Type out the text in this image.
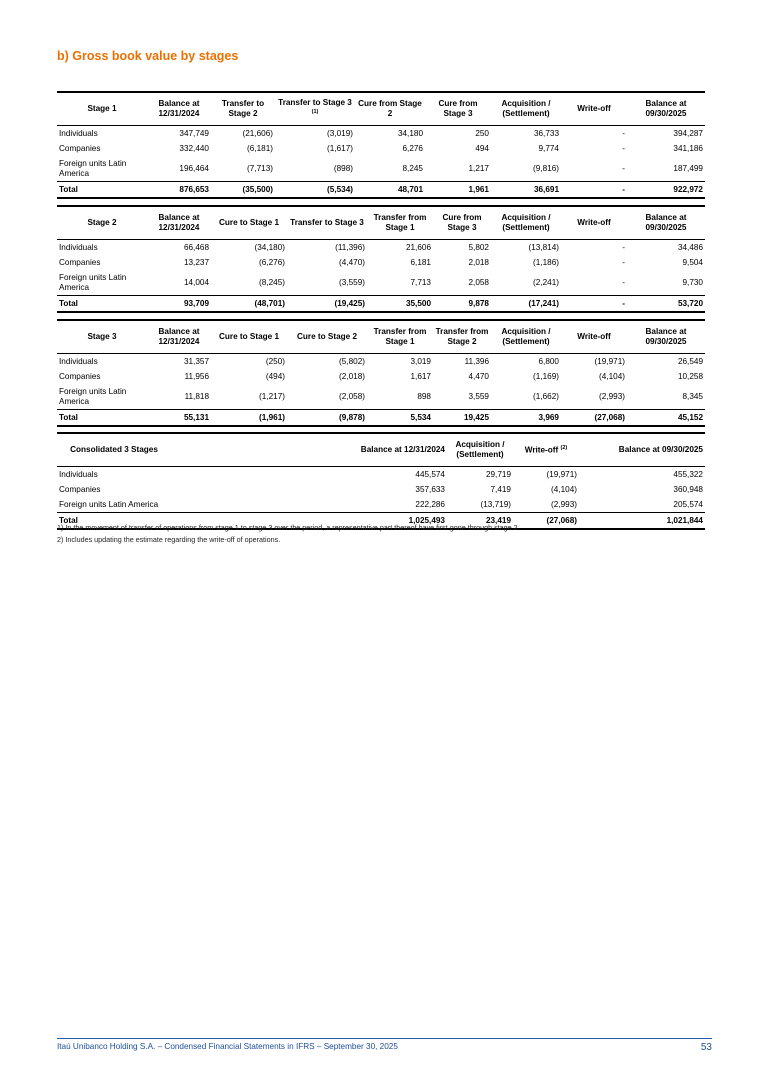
b) Gross book value by stages
Stage 1	Balance at 12/31/2024	Transfer to Stage 2	Transfer to Stage 3 $^{(1)}$	Cure from Stage 2	Cure from Stage 3	Acquisition / (Settlement)	Write-off	Balance at 09/30/2025
Individuals	347,749	(21,606)	(3,019)	34,180	250	36,733	-	394,287
Companies	332,440	(6,181)	(1,617)	6,276	494	9,774	-	341,186
Foreign units Latin America	196,464	(7,713)	(898)	8,245	1,217	(9,816)	-	187,499
Total	876,653	(35,500)	(5,534)	48,701	1,961	36,691	-	922,972
Stage 2	Balance at 12/31/2024	Cure to Stage 1	Transfer to Stage 3	Transfer from Stage 1	Cure from Stage 3	Acquisition / (Settlement)	Write-off	Balance at 09/30/2025
Individuals	66,468	(34,180)	(11,396)	21,606	5,802	(13,814)	-	34,486
Companies	13,237	(6,276)	(4,470)	6,181	2,018	(1,186)	-	9,504
Foreign units Latin America	14,004	(8,245)	(3,559)	7,713	2,058	(2,241)	-	9,730
Total	93,709	(48,701)	(19,425)	35,500	9,878	(17,241)	-	53,720
Stage 3	Balance at 12/31/2024	Cure to Stage 1	Cure to Stage 2	Transfer from Stage 1	Transfer from Stage 2	Acquisition / (Settlement)	Write-off	Balance at 09/30/2025
Individuals	31,357	(250)	(5,802)	3,019	11,396	6,800	(19,971)	26,549
Companies	11,956	(494)	(2,018)	1,617	4,470	(1,169)	(4,104)	10,258
Foreign units Latin America	11,818	(1,217)	(2,058)	898	3,559	(1,662)	(2,993)	8,345
Total	55,131	(1,961)	(9,878)	5,534	19,425	3,969	(27,068)	45,152
Consolidated 3 Stages	Balance at 12/31/2024	Acquisition / (Settlement)	Write-off $^{(2)}$	Balance at 09/30/2025
Individuals	445,574	29,719	(19,971)	455,322
Companies	357,633	7,419	(4,104)	360,948
Foreign units Latin America	222,286	(13,719)	(2,993)	205,574
Total	1,025,493	23,419	(27,068)	1,021,844
1) In the movement of transfer of operations from stage 1 to stage 3 over the period, a representative part thereof have first gone through stage 2.
2) Includes updating the estimate regarding the write-off of operations.
Itaú Unibanco Holding S.A. – Condensed Financial Statements in IFRS – September 30, 2025	53
